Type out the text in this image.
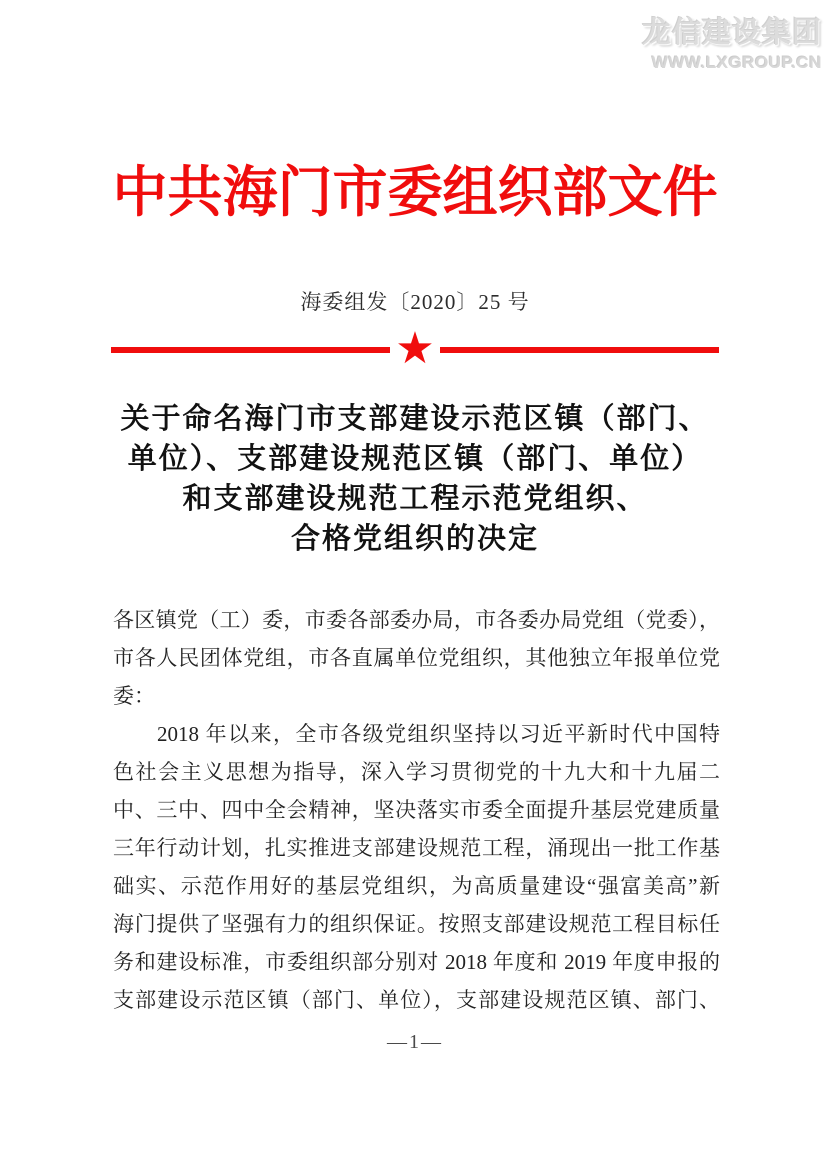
龙信建设集团
WWW.LXGROUP.CN
中共海门市委组织部文件
海委组发〔2020〕25 号
★
关于命名海门市支部建设示范区镇（部门、
单位）、支部建设规范区镇（部门、单位）
和支部建设规范工程示范党组织、
合格党组织的决定
各区镇党（工）委，市委各部委办局，市各委办局党组（党委），
市各人民团体党组，市各直属单位党组织，其他独立年报单位党
委：
2018 年以来，全市各级党组织坚持以习近平新时代中国特
色社会主义思想为指导，深入学习贯彻党的十九大和十九届二
中、三中、四中全会精神，坚决落实市委全面提升基层党建质量
三年行动计划，扎实推进支部建设规范工程，涌现出一批工作基
础实、示范作用好的基层党组织，为高质量建设“强富美高”新
海门提供了坚强有力的组织保证。按照支部建设规范工程目标任
务和建设标准，市委组织部分别对 2018 年度和 2019 年度申报的
支部建设示范区镇（部门、单位），支部建设规范区镇、部门、
—1—
